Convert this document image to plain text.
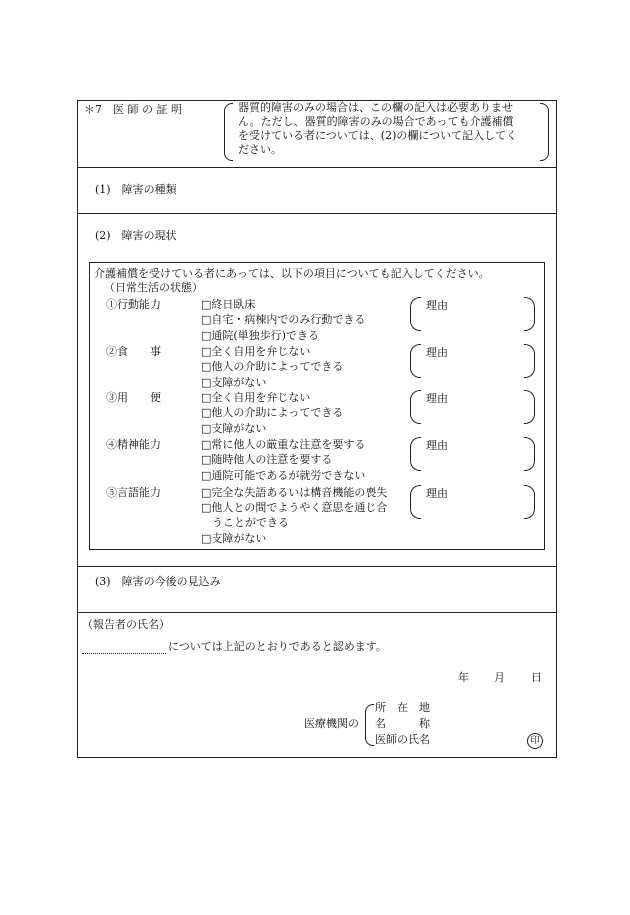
＊7　医 師 の 証 明	器質的障害のみの場合は、この欄の記入は必要ありませ
ん。ただし、器質的障害のみの場合であっても介護補償
を受けている者については、(2)の欄について記入してく
ださい。
(1)　障害の種類
(2)　障害の現状
介護補償を受けている者にあっては、以下の項目についても記入してください。
（日常生活の状態）
①行動能力	□終日臥床
□自宅・病棟内でのみ行動できる
□通院(単独歩行)できる
理由
②食　　事	□全く自用を弁じない
□他人の介助によってできる
□支障がない
理由
③用　　便	□全く自用を弁じない
□他人の介助によってできる
□支障がない
理由
④精神能力	□常に他人の厳重な注意を要する
□随時他人の注意を要する
□通院可能であるが就労できない
理由
⑤言語能力	□完全な失語あるいは構音機能の喪失
□他人との間でようやく意思を通じ合
　うことができる
□支障がない
理由
(3)　障害の今後の見込み
（報告者の氏名）
については上記のとおりであると認めます。
年 月 日
医療機関の
所　在　地
名　　　称
医師の氏名	印
